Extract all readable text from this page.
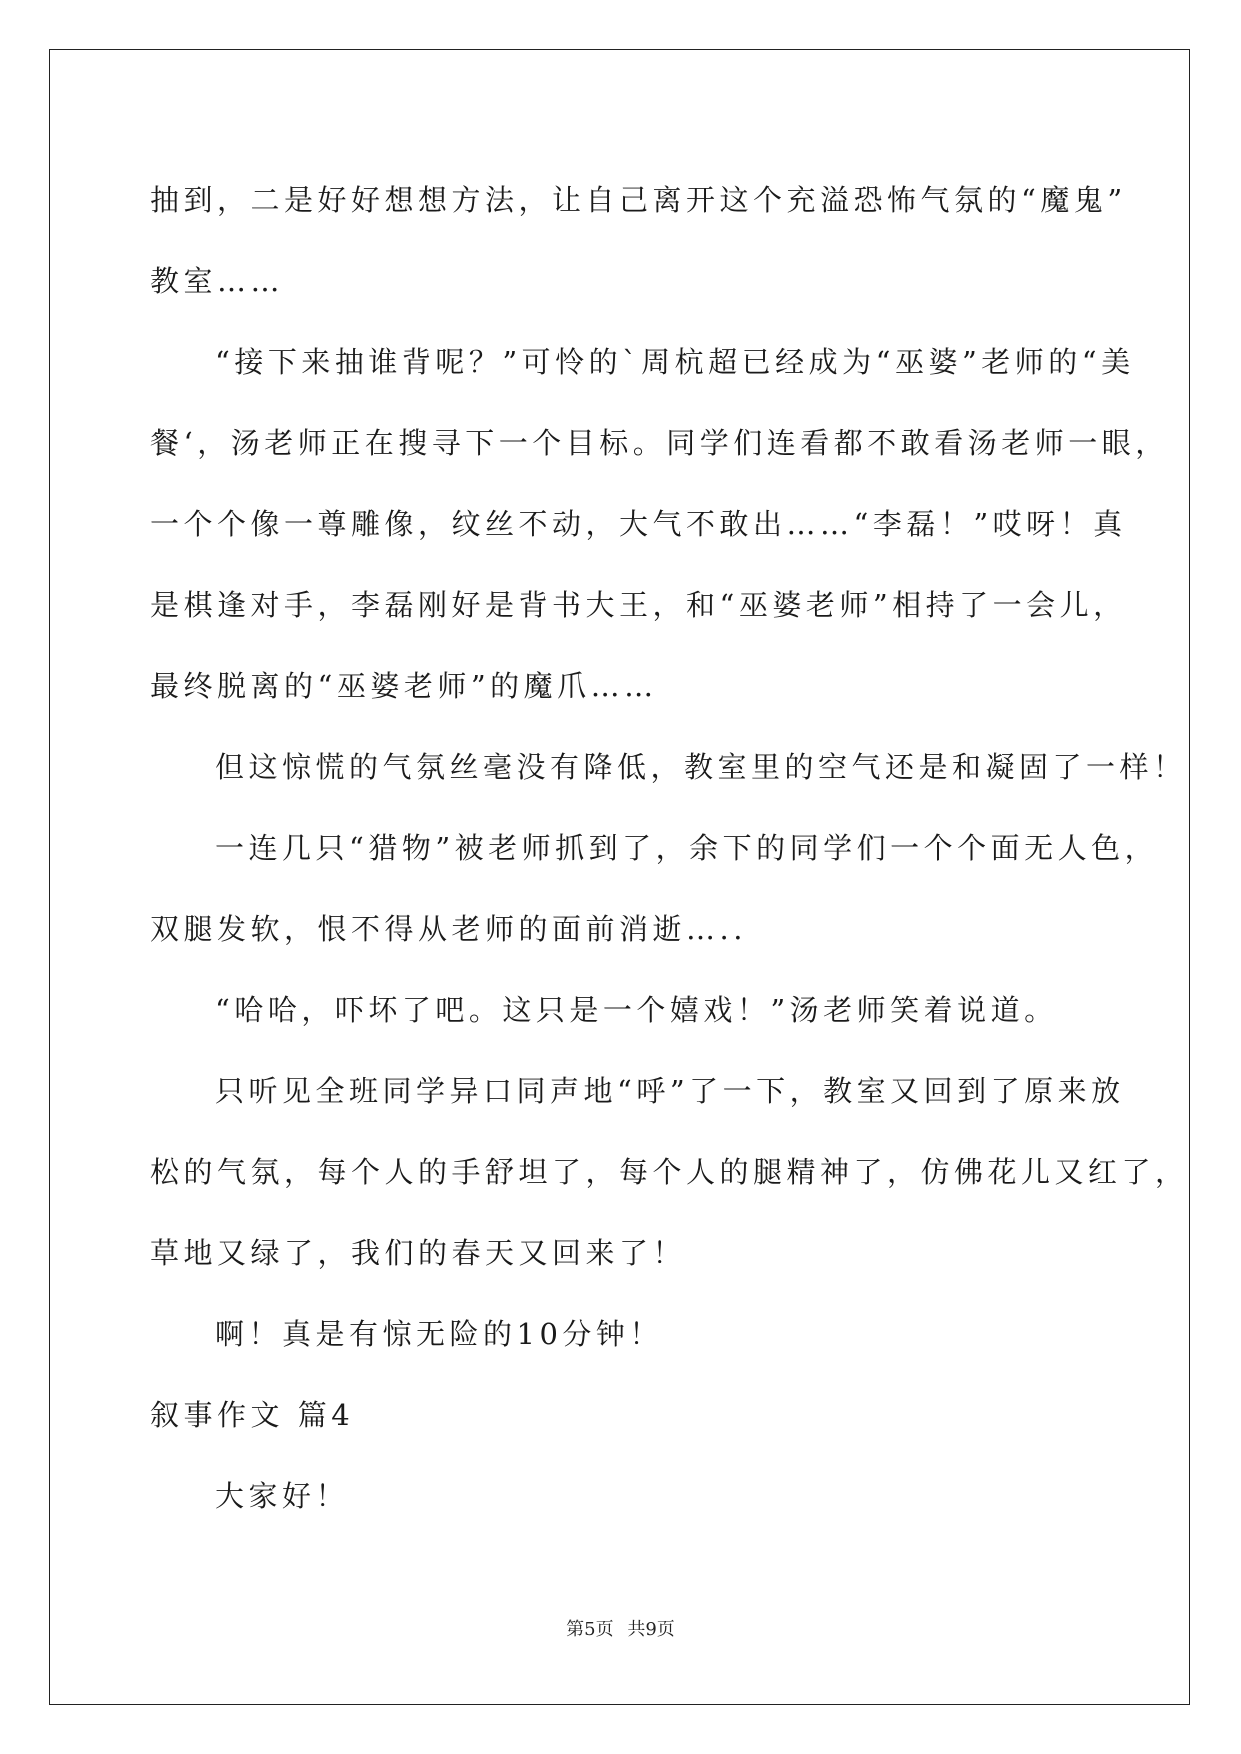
抽到，二是好好想想方法，让自己离开这个充溢恐怖气氛的“魔鬼”
教室……
“接下来抽谁背呢？”可怜的`周杭超已经成为“巫婆”老师的“美
餐‘，汤老师正在搜寻下一个目标。同学们连看都不敢看汤老师一眼，
一个个像一尊雕像，纹丝不动，大气不敢出……“李磊！”哎呀！真
是棋逢对手，李磊刚好是背书大王，和“巫婆老师”相持了一会儿，
最终脱离的“巫婆老师”的魔爪……
但这惊慌的气氛丝毫没有降低，教室里的空气还是和凝固了一样！
一连几只“猎物”被老师抓到了，余下的同学们一个个面无人色，
双腿发软，恨不得从老师的面前消逝…..
“哈哈，吓坏了吧。这只是一个嬉戏！”汤老师笑着说道。
只听见全班同学异口同声地“呼”了一下，教室又回到了原来放
松的气氛，每个人的手舒坦了，每个人的腿精神了，仿佛花儿又红了，
草地又绿了，我们的春天又回来了！
啊！真是有惊无险的10分钟！
叙事作文 篇4
大家好！
第5页 共9页
